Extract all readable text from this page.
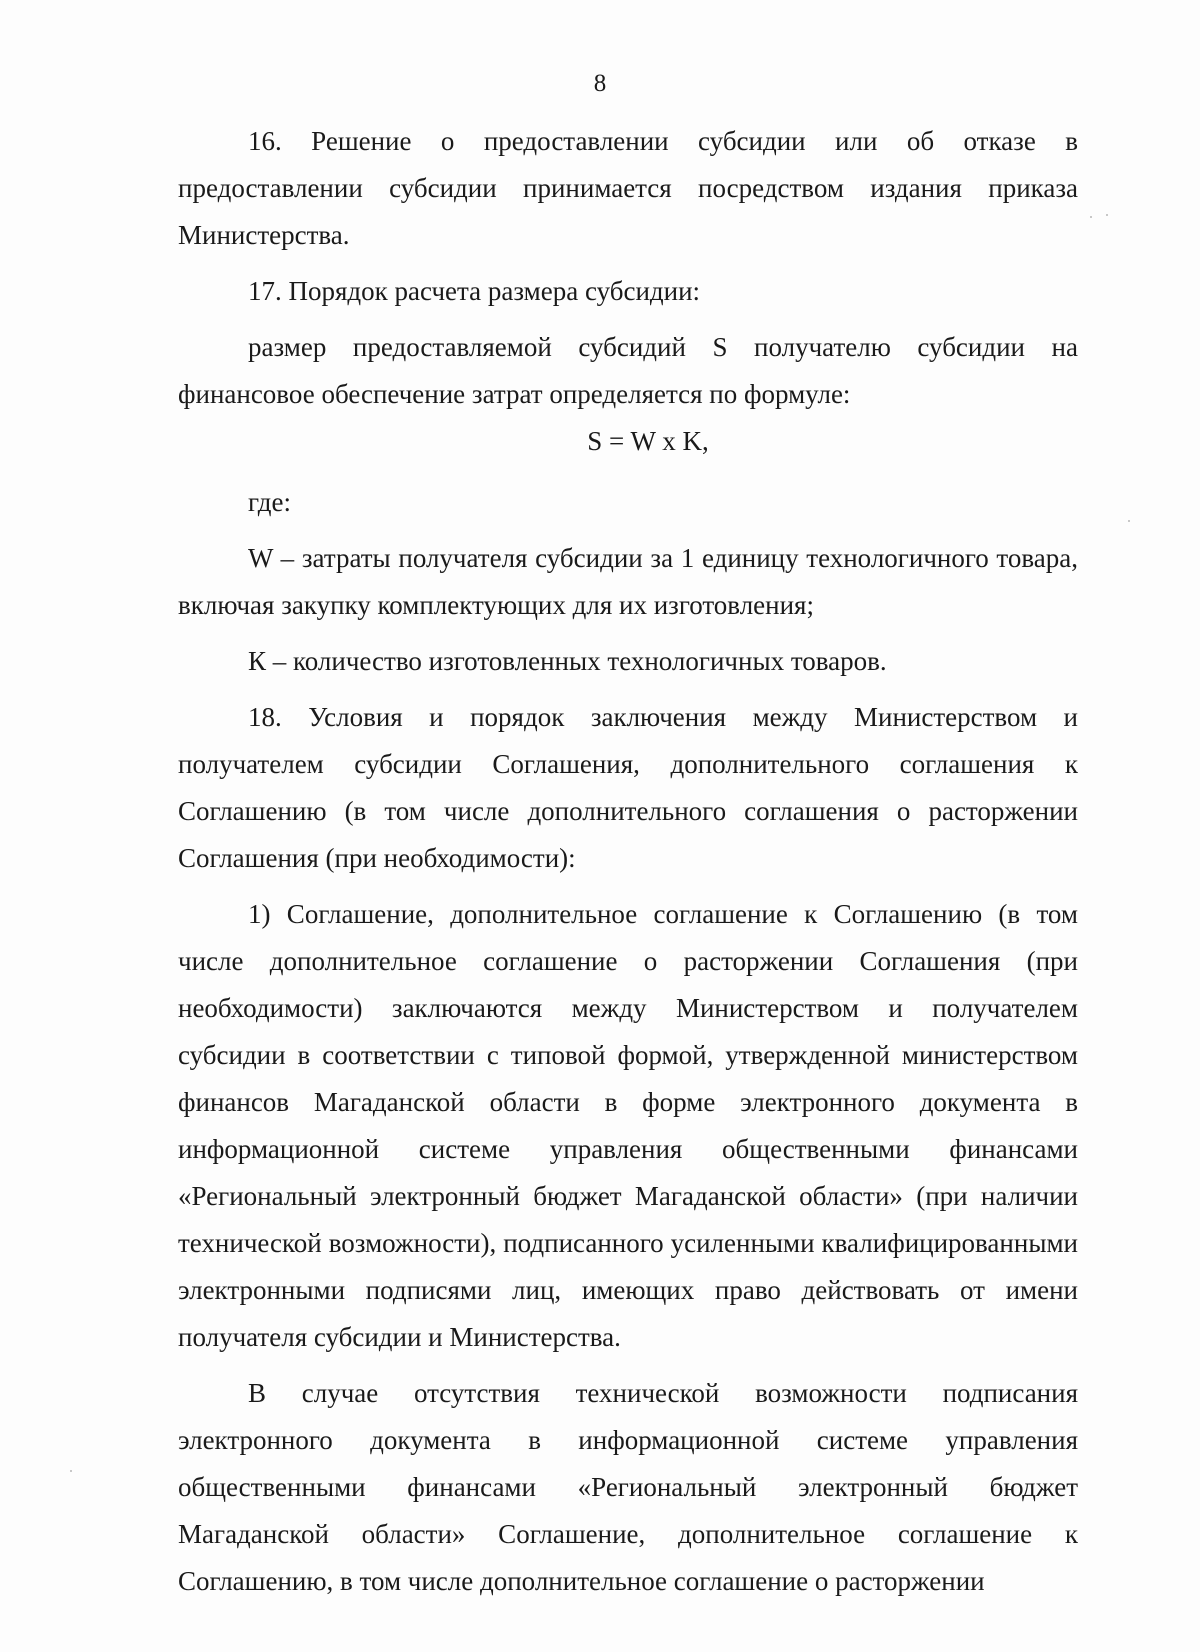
8

16. Решение о предоставлении субсидии или об отказе в предоставлении субсидии принимается посредством издания приказа Министерства.

17. Порядок расчета размера субсидии:

размер предоставляемой субсидий S получателю субсидии на финансовое обеспечение затрат определяется по формуле:

S = W x K,

где:

W – затраты получателя субсидии за 1 единицу технологичного товара, включая закупку комплектующих для их изготовления;

К – количество изготовленных технологичных товаров.

18. Условия и порядок заключения между Министерством и получателем субсидии Соглашения, дополнительного соглашения к Соглашению (в том числе дополнительного соглашения о расторжении Соглашения (при необходимости):

1) Соглашение, дополнительное соглашение к Соглашению (в том числе дополнительное соглашение о расторжении Соглашения (при необходимости) заключаются между Министерством и получателем субсидии в соответствии с типовой формой, утвержденной министерством финансов Магаданской области в форме электронного документа в информационной системе управления общественными финансами «Региональный электронный бюджет Магаданской области» (при наличии технической возможности), подписанного усиленными квалифицированными электронными подписями лиц, имеющих право действовать от имени получателя субсидии и Министерства.

В случае отсутствия технической возможности подписания электронного документа в информационной системе управления общественными финансами «Региональный электронный бюджет Магаданской области» Соглашение, дополнительное соглашение к Соглашению, в том числе дополнительное соглашение о расторжении
